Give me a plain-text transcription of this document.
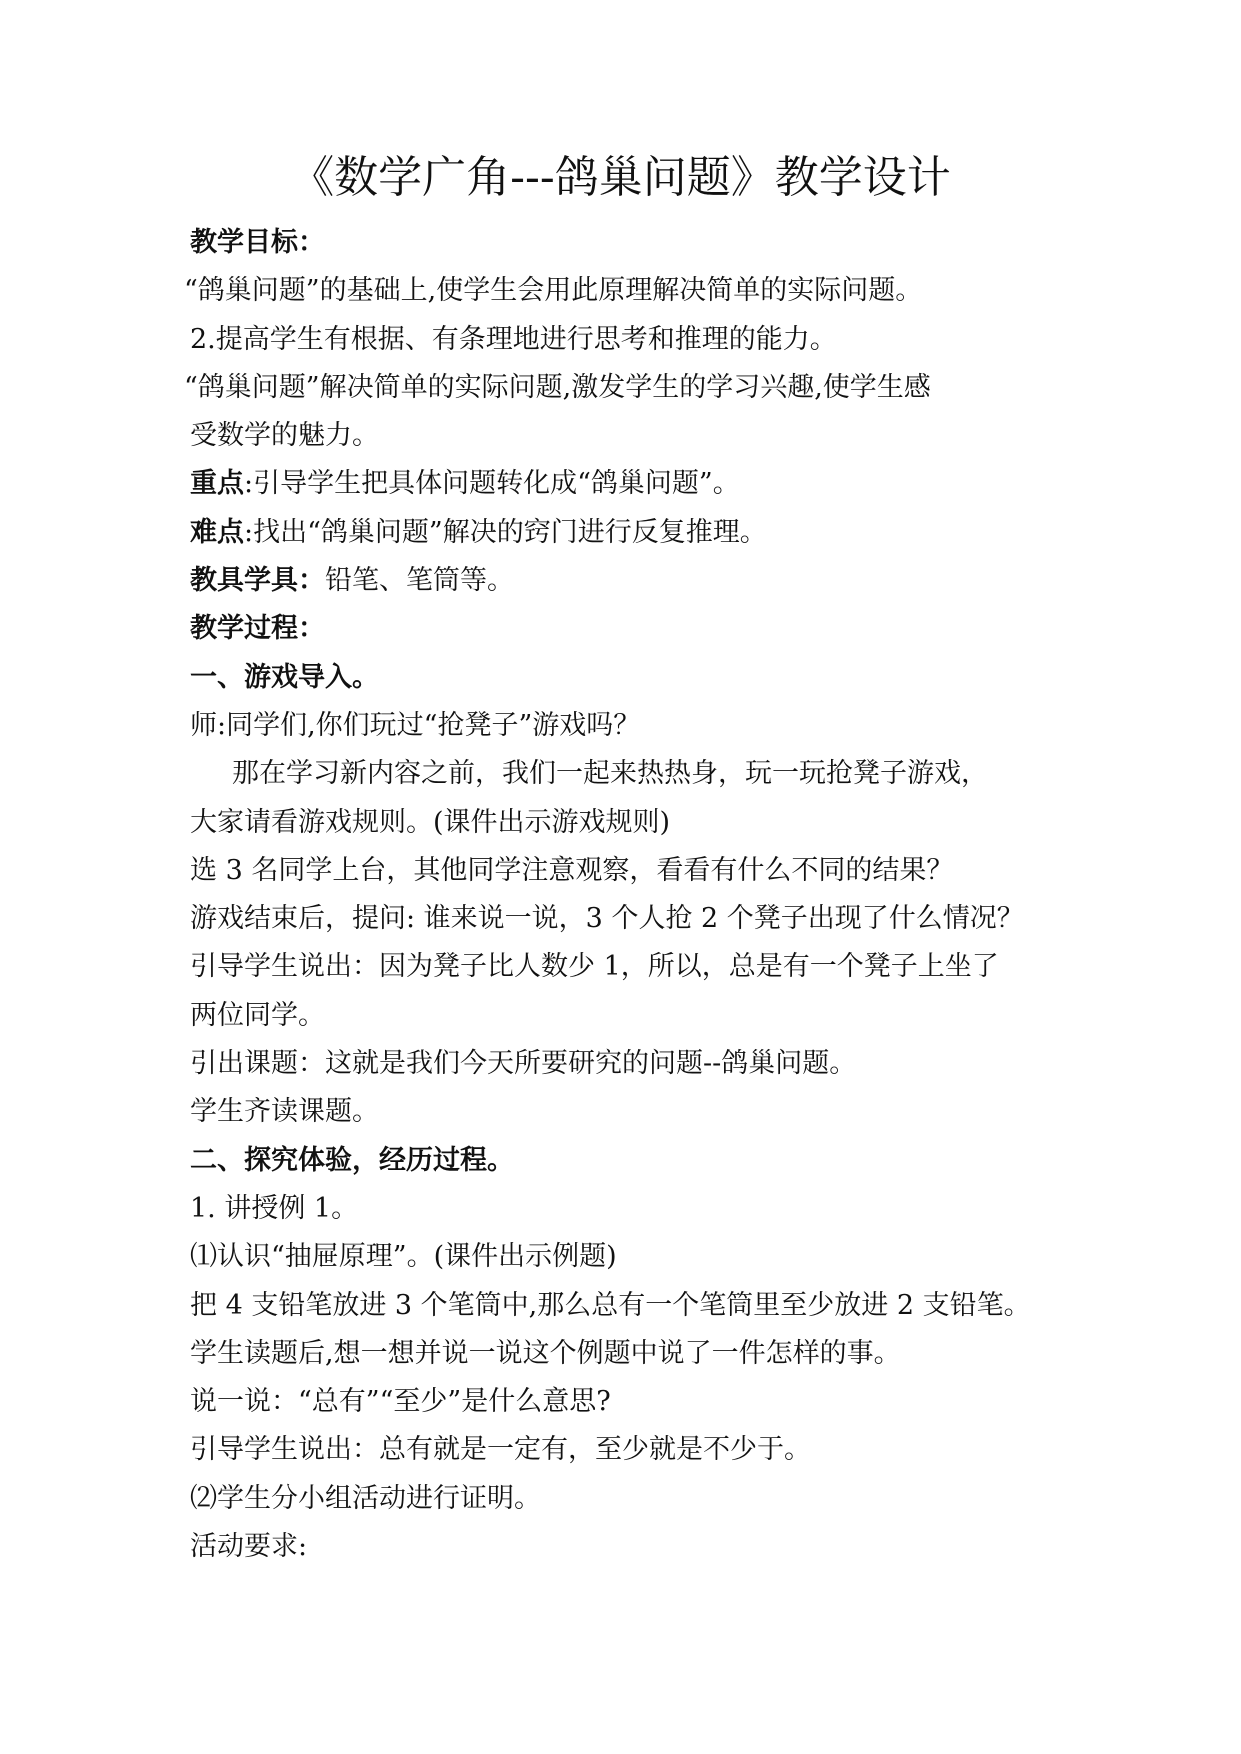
《数学广角---鸽巢问题》教学设计
教学目标：
“鸽巢问题”的基础上,使学生会用此原理解决简单的实际问题。
2.提高学生有根据、有条理地进行思考和推理的能力。
“鸽巢问题”解决简单的实际问题,激发学生的学习兴趣,使学生感
受数学的魅力。
重点:引导学生把具体问题转化成“鸽巢问题”。
难点:找出“鸽巢问题”解决的窍门进行反复推理。
教具学具：铅笔、笔筒等。
教学过程：
一、游戏导入。
师:同学们,你们玩过“抢凳子”游戏吗？
那在学习新内容之前，我们一起来热热身，玩一玩抢凳子游戏，
大家请看游戏规则。(课件出示游戏规则)
选 3 名同学上台，其他同学注意观察，看看有什么不同的结果？
游戏结束后，提问: 谁来说一说，3 个人抢 2 个凳子出现了什么情况？
引导学生说出：因为凳子比人数少 1，所以，总是有一个凳子上坐了
两位同学。
引出课题：这就是我们今天所要研究的问题--鸽巢问题。
学生齐读课题。
二、探究体验，经历过程。
1. 讲授例 1。
⑴认识“抽屉原理”。(课件出示例题)
把 4 支铅笔放进 3 个笔筒中,那么总有一个笔筒里至少放进 2 支铅笔。
学生读题后,想一想并说一说这个例题中说了一件怎样的事。
说一说：“总有”“至少”是什么意思?
引导学生说出：总有就是一定有，至少就是不少于。
⑵学生分小组活动进行证明。
活动要求:
